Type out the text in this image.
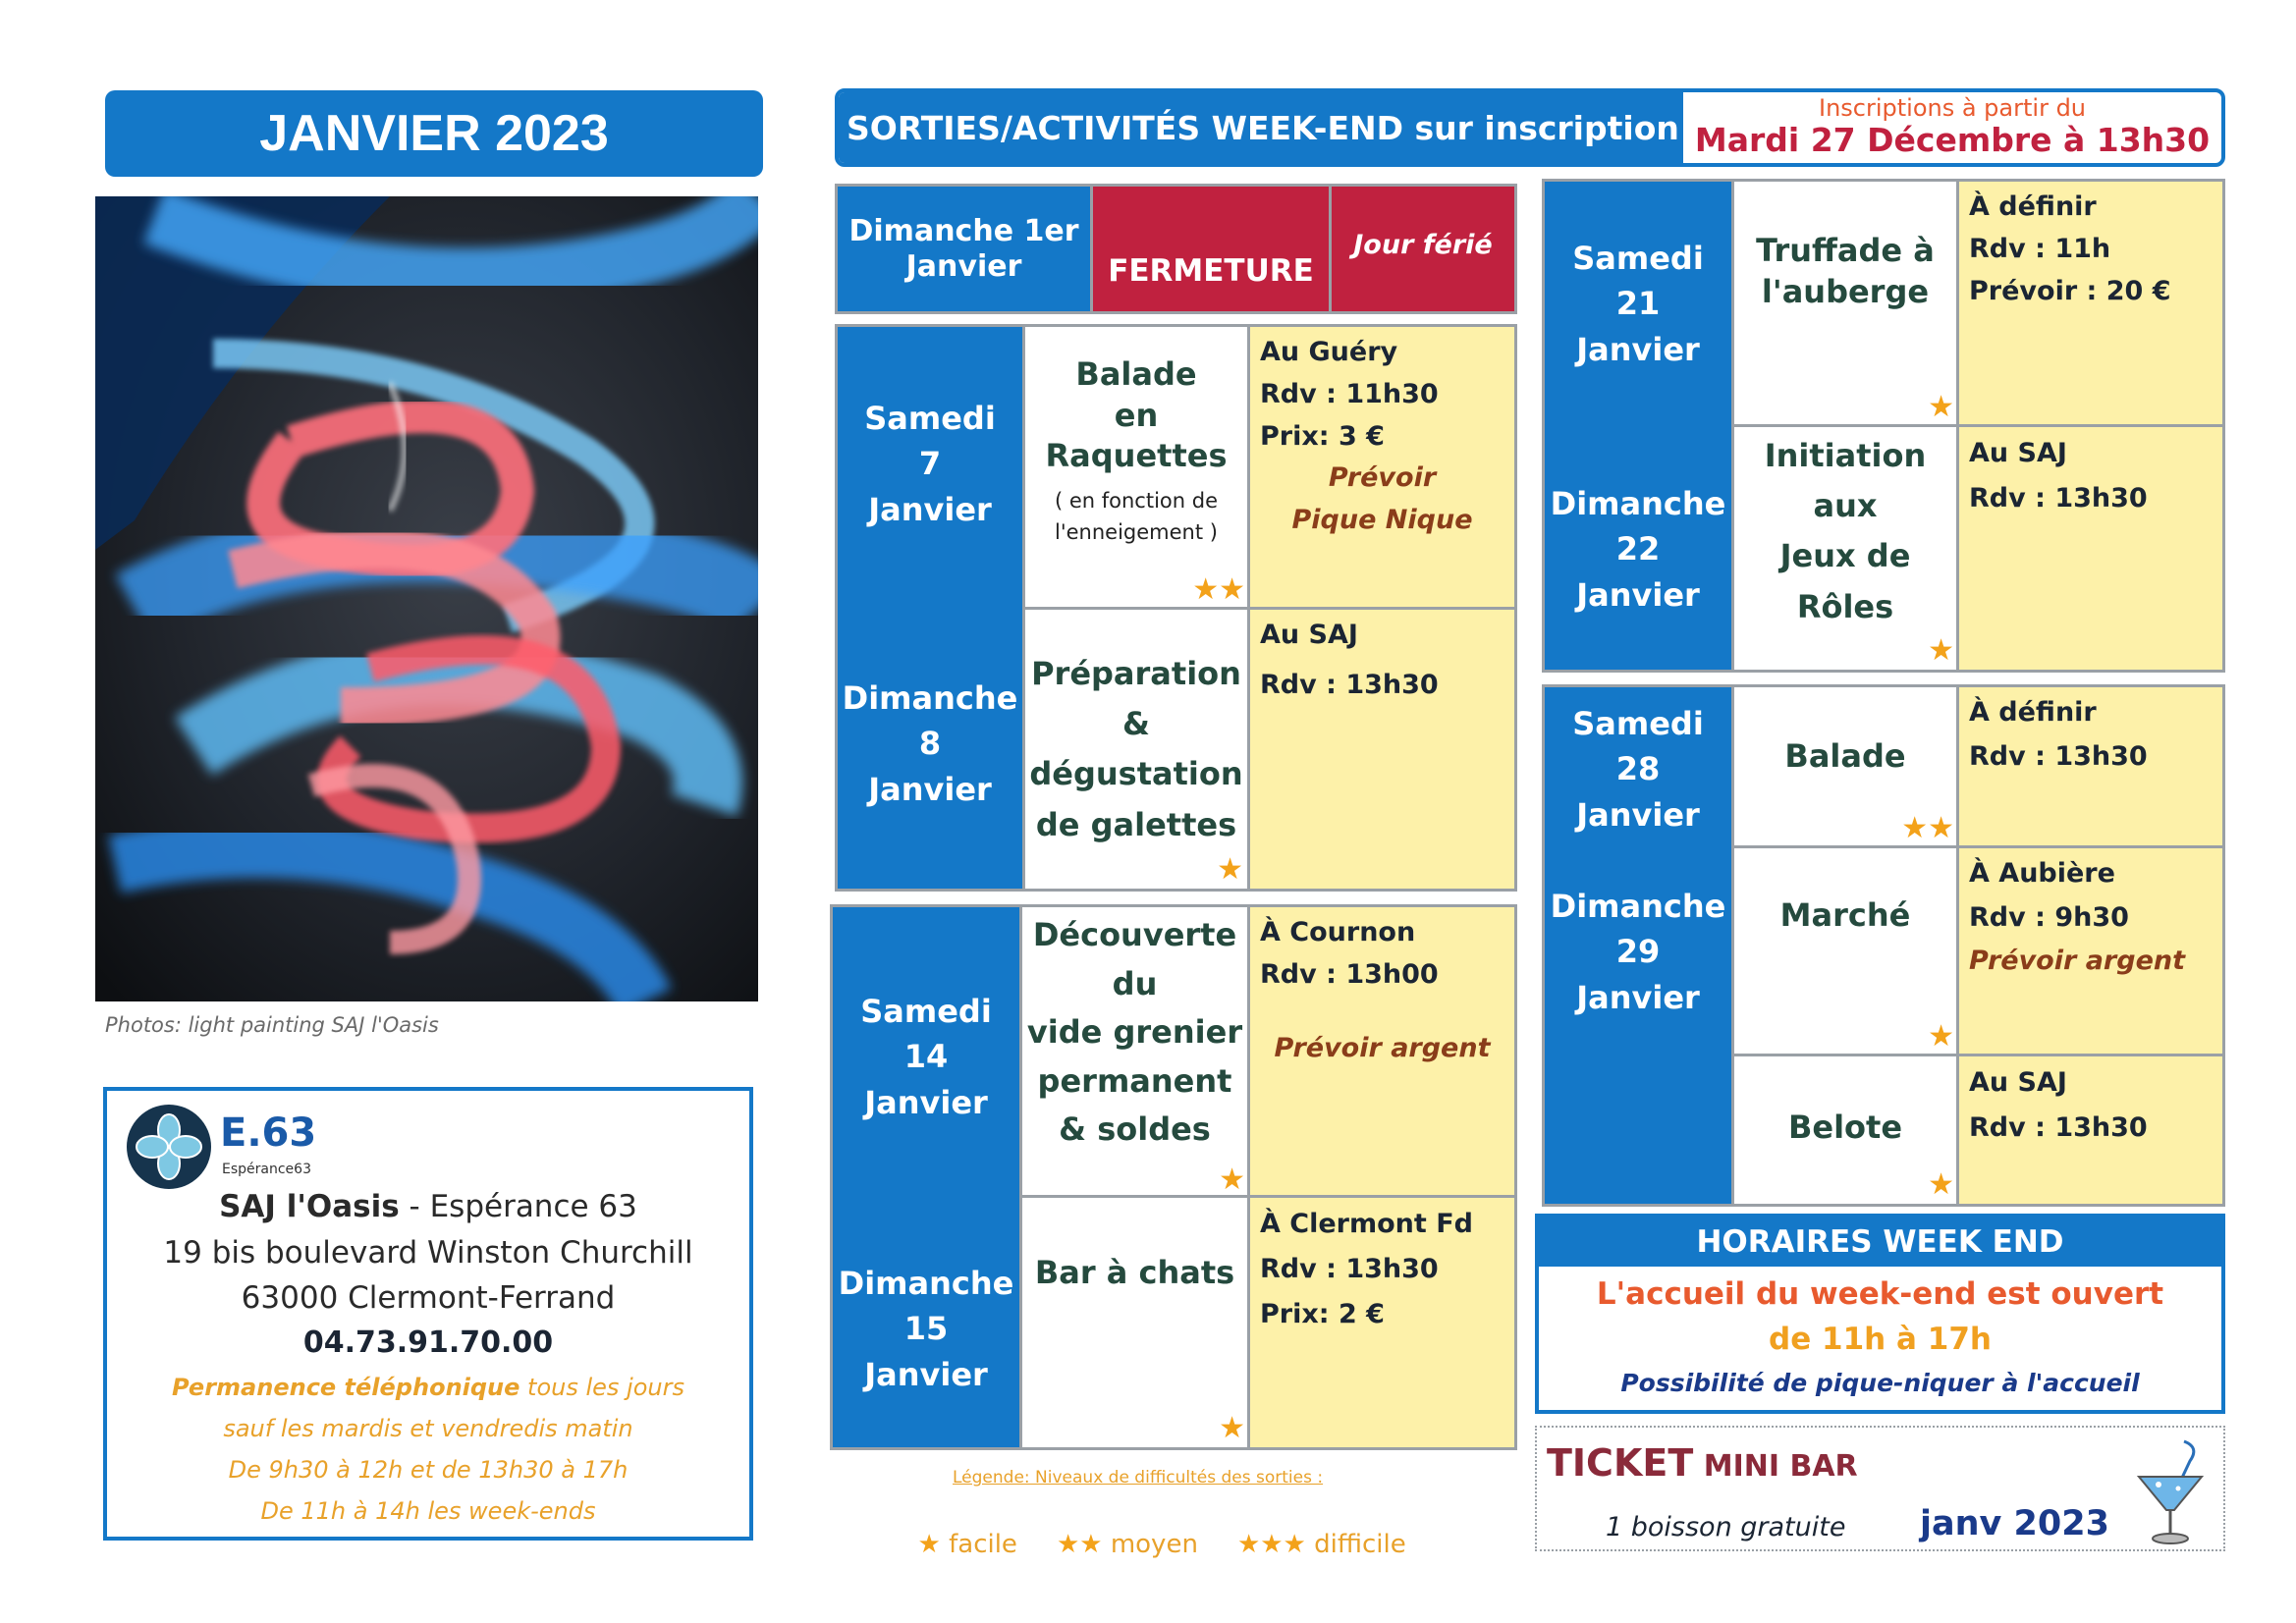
JANVIER 2023
Photos: light painting SAJ l'Oasis
E.63
Espérance63
SAJ l'Oasis - Espérance 63
19 bis boulevard Winston Churchill
63000 Clermont-Ferrand
04.73.91.70.00
Permanence téléphonique tous les jours
sauf les mardis et vendredis matin
De 9h30 à 12h et de 13h30 à 17h
De 11h à 14h les week-ends
SORTIES/ACTIVITÉS WEEK-END sur inscription
Inscriptions à partir du
Mardi 27 Décembre à 13h30
Dimanche 1er
Janvier	FERMETURE
Jour férié
Samedi
7
Janvier
Dimanche
8
Janvier
Balade
en
Raquettes
( en fonction de
l'enneigement )
★★
Au Guéry
Rdv : 11h30
Prix: 3 €
Prévoir
Pique Nique
Préparation
&
dégustation
de galettes
★
Au SAJ
Rdv : 13h30
Samedi
14
Janvier
Dimanche
15
Janvier
Découverte
du
vide grenier
permanent
& soldes
★
À Cournon
Rdv : 13h00
Prévoir argent
Bar à chats
★
À Clermont Fd
Rdv : 13h30
Prix: 2 €
Samedi
21
Janvier
Dimanche
22
Janvier
Truffade à
l'auberge
★
À définir
Rdv : 11h
Prévoir : 20 €
Initiation
aux
Jeux de Rôles
★
Au SAJ
Rdv : 13h30
Samedi
28
Janvier
Dimanche
29
Janvier
Balade
★★
À définir
Rdv : 13h30
Marché
★
À Aubière
Rdv : 9h30
Prévoir argent
Belote
★
Au SAJ
Rdv : 13h30
HORAIRES WEEK END
L'accueil du week-end est ouvert
de 11h à 17h
Possibilité de pique-niquer à l'accueil
TICKET MINI BAR
1 boisson gratuite janv 2023
Légende: Niveaux de difficultés des sorties :

★ facile ★★ moyen ★★★ difficile
